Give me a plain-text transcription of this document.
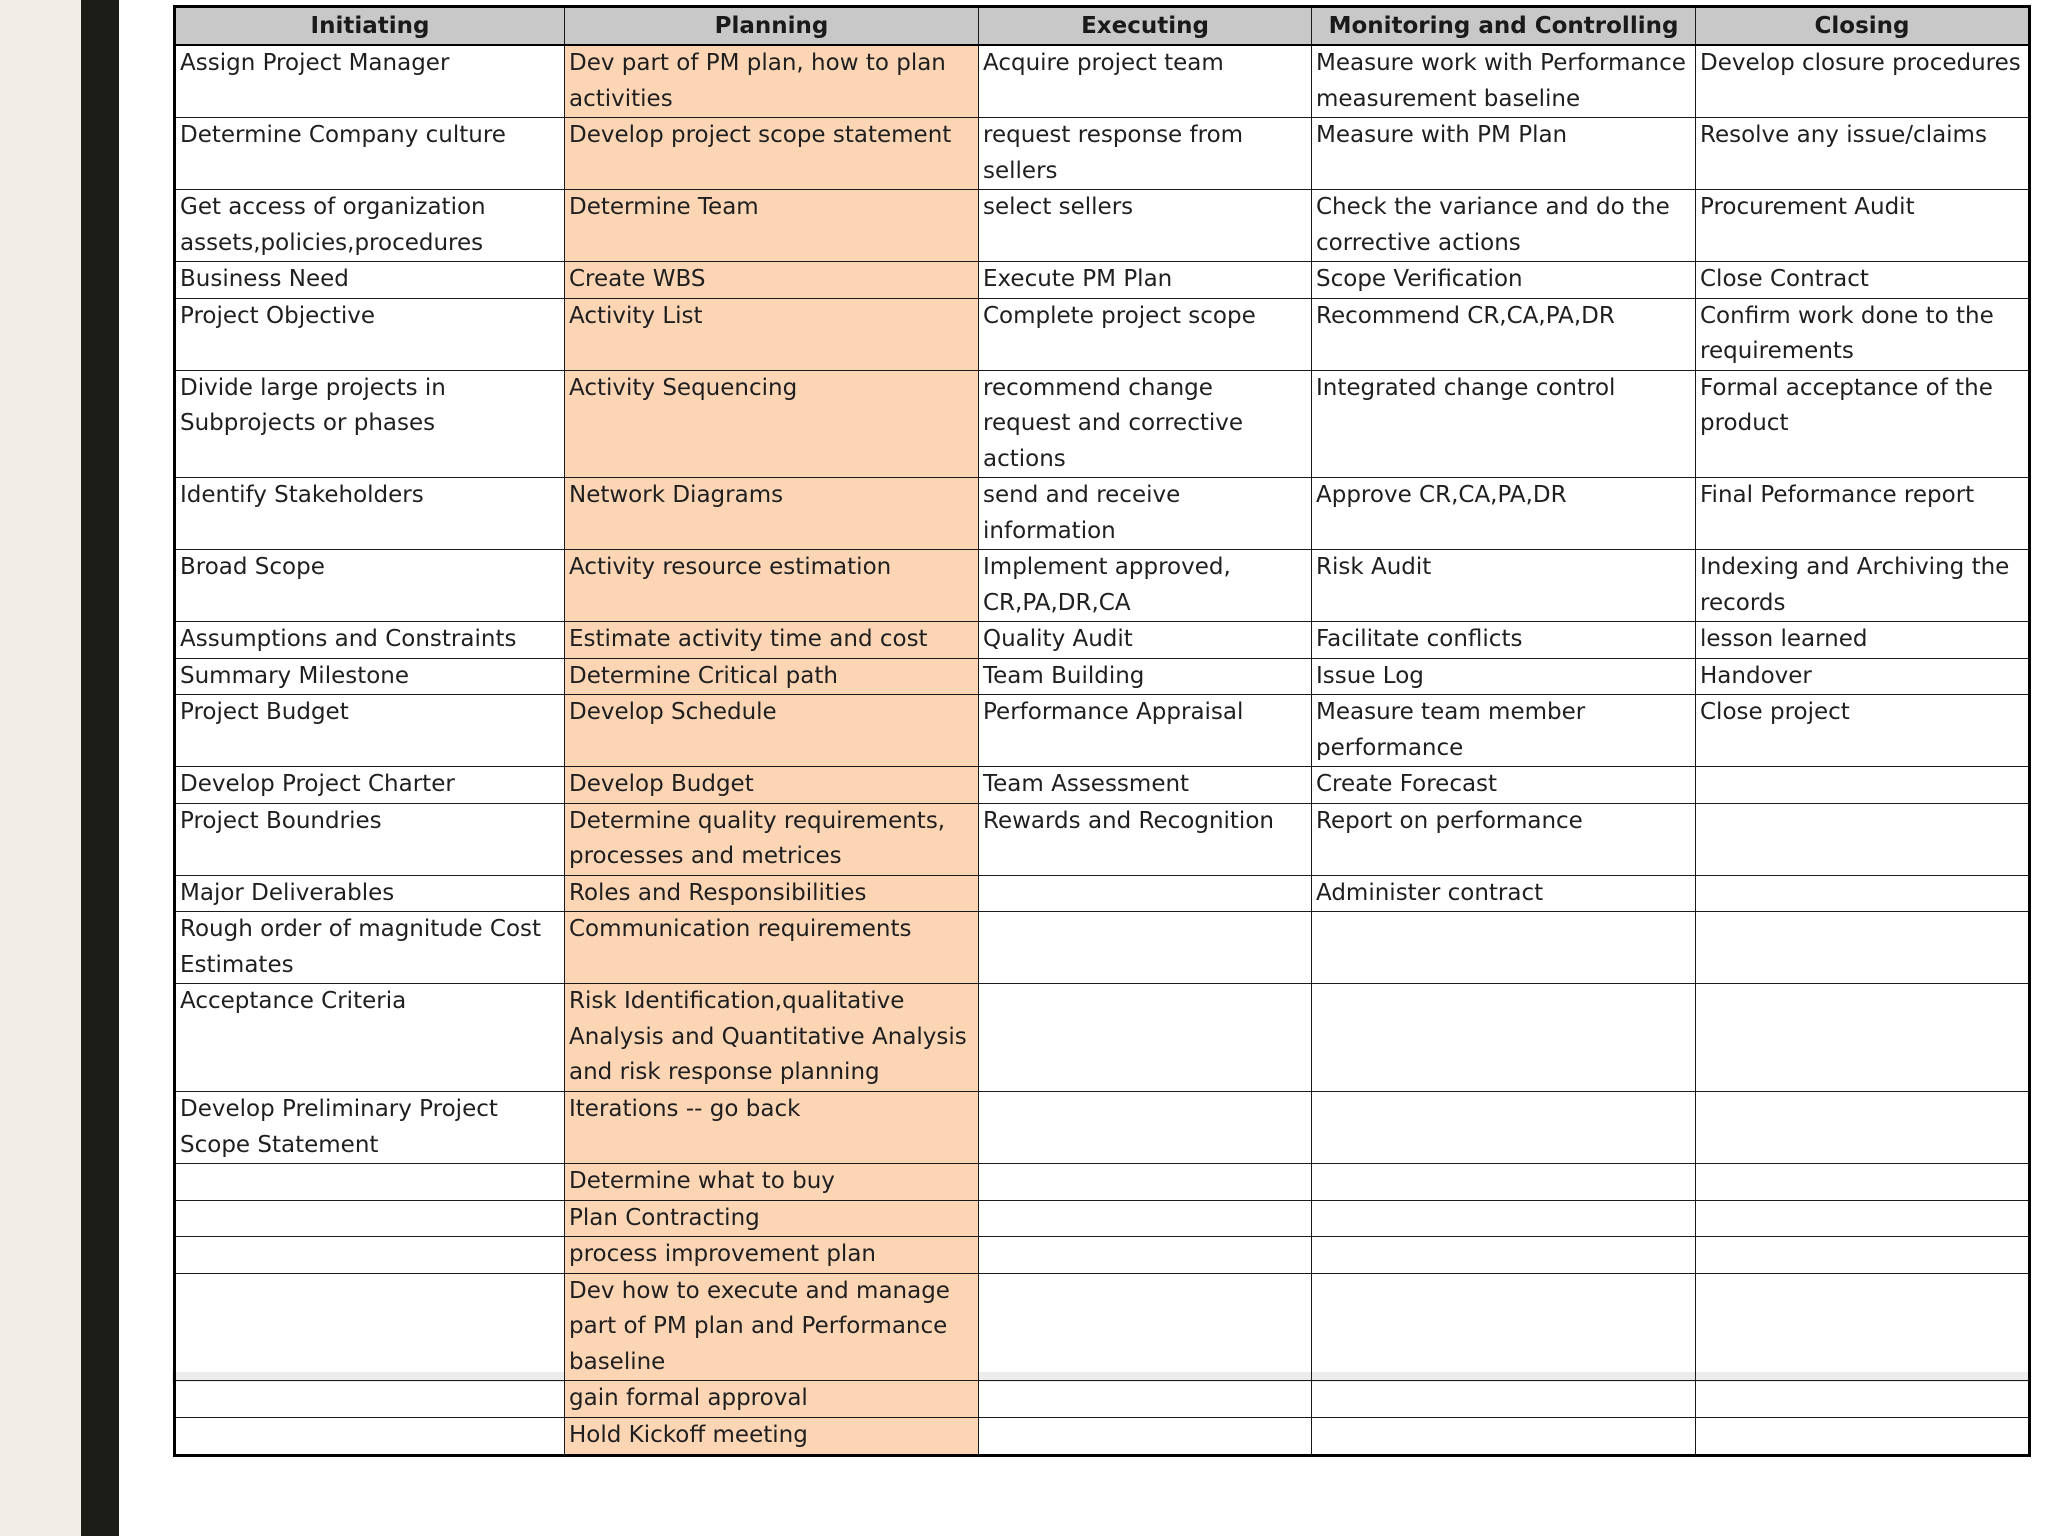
Initiating	Planning	Executing	Monitoring and Controlling	Closing
Assign Project Manager	Dev part of PM plan, how to plan activities	Acquire project team	Measure work with Performance measurement baseline	Develop closure procedures
Determine Company culture	Develop project scope statement	request response from sellers	Measure with PM Plan	Resolve any issue/claims
Get access of organization assets,policies,procedures	Determine Team	select sellers	Check the variance and do the corrective actions	Procurement Audit
Business Need	Create WBS	Execute PM Plan	Scope Verification	Close Contract
Project Objective	Activity List	Complete project scope	Recommend CR,CA,PA,DR	Confirm work done to the requirements
Divide large projects in Subprojects or phases	Activity Sequencing	recommend change request and corrective actions	Integrated change control	Formal acceptance of the product
Identify Stakeholders	Network Diagrams	send and receive information	Approve CR,CA,PA,DR	Final Peformance report
Broad Scope	Activity resource estimation	Implement approved, CR,PA,DR,CA	Risk Audit	Indexing and Archiving the records
Assumptions and Constraints	Estimate activity time and cost	Quality Audit	Facilitate conflicts	lesson learned
Summary Milestone	Determine Critical path	Team Building	Issue Log	Handover
Project Budget	Develop Schedule	Performance Appraisal	Measure team member performance	Close project
Develop Project Charter	Develop Budget	Team Assessment	Create Forecast	
Project Boundries	Determine quality requirements, processes and metrices	Rewards and Recognition	Report on performance	
Major Deliverables	Roles and Responsibilities		Administer contract	
Rough order of magnitude Cost Estimates	Communication requirements			
Acceptance Criteria	Risk Identification,qualitative Analysis and Quantitative Analysis and risk response planning			
Develop Preliminary Project Scope Statement	Iterations -- go back			
	Determine what to buy			
	Plan Contracting			
	process improvement plan			
	Dev how to execute and manage part of PM plan and Performance baseline			
	gain formal approval			
	Hold Kickoff meeting			
